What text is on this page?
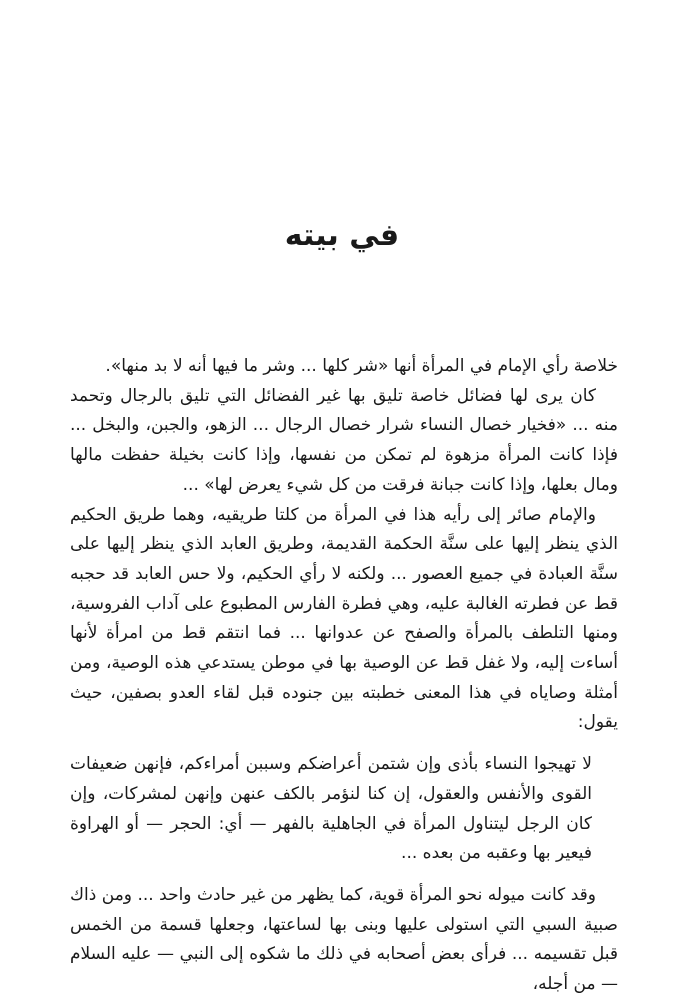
في بيته

خلاصة رأي الإمام في المرأة أنها «شر كلها ... وشر ما فيها أنه لا بد منها».

كان يرى لها فضائل خاصة تليق بها غير الفضائل التي تليق بالرجال وتحمد منه ... «فخيار خصال النساء شرار خصال الرجال ... الزهو، والجبن، والبخل ... فإذا كانت المرأة مزهوة لم تمكن من نفسها، وإذا كانت بخيلة حفظت مالها ومال بعلها، وإذا كانت جبانة فرقت من كل شيء يعرض لها» ...

والإمام صائر إلى رأيه هذا في المرأة من كلتا طريقيه، وهما طريق الحكيم الذي ينظر إليها على سنَّة الحكمة القديمة، وطريق العابد الذي ينظر إليها على سنَّة العبادة في جميع العصور ... ولكنه لا رأي الحكيم، ولا حس العابد قد حجبه قط عن فطرته الغالبة عليه، وهي فطرة الفارس المطبوع على آداب الفروسية، ومنها التلطف بالمرأة والصفح عن عدوانها ... فما انتقم قط من امرأة لأنها أساءت إليه، ولا غفل قط عن الوصية بها في موطن يستدعي هذه الوصية، ومن أمثلة وصاياه في هذا المعنى خطبته بين جنوده قبل لقاء العدو بصفين، حيث يقول:

لا تهيجوا النساء بأذى وإن شتمن أعراضكم وسببن أمراءكم، فإنهن ضعيفات القوى والأنفس والعقول، إن كنا لنؤمر بالكف عنهن وإنهن لمشركات، وإن كان الرجل ليتناول المرأة في الجاهلية بالفهر — أي: الحجر — أو الهراوة فيعير بها وعقبه من بعده ...

وقد كانت ميوله نحو المرأة قوية، كما يظهر من غير حادث واحد ... ومن ذاك صبية السبي التي استولى عليها وبنى بها لساعتها، وجعلها قسمة من الخمس قبل تقسيمه ... فرأى بعض أصحابه في ذلك ما شكوه إلى النبي — عليه السلام — من أجله،
